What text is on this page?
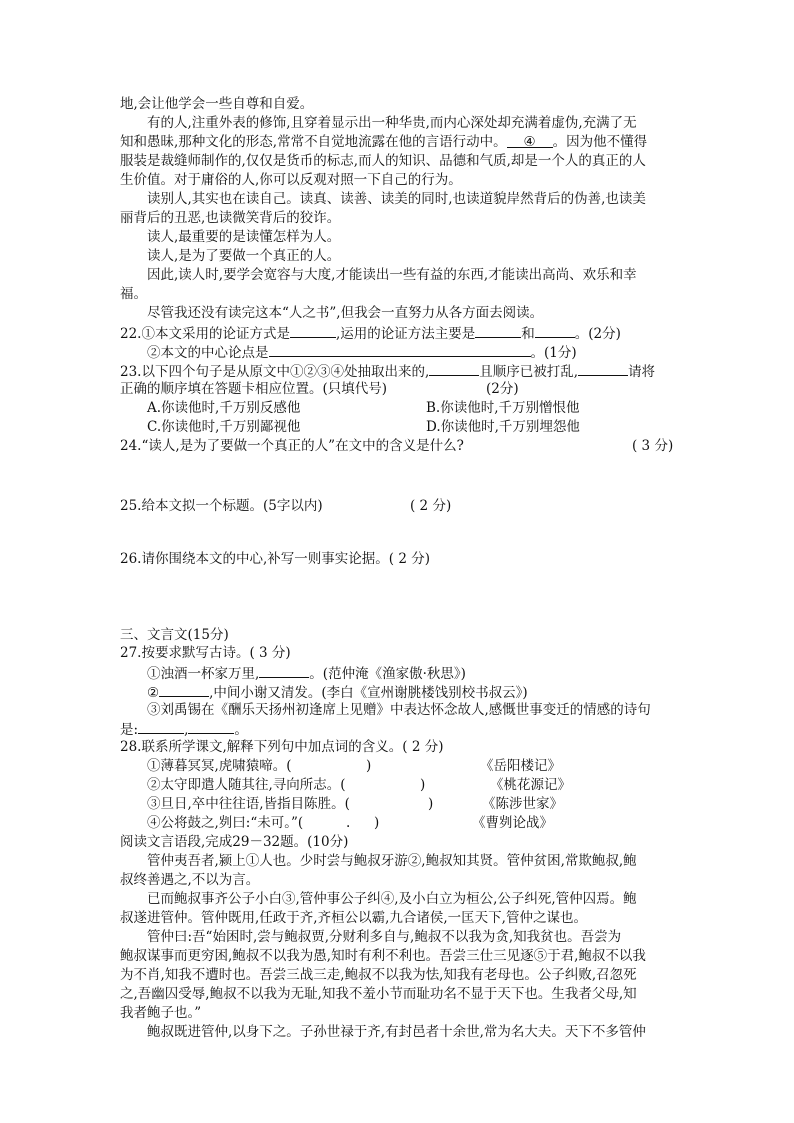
地,会让他学会一些自尊和自爱。
有的人,注重外表的修饰,且穿着显示出一种华贵,而内心深处却充满着虚伪,充满了无
知和愚昧,那种文化的形态,常常不自觉地流露在他的言语行动中。 ④ 。因为他不懂得
服装是裁缝师制作的,仅仅是货币的标志,而人的知识、品德和气质,却是一个人的真正的人
生价值。对于庸俗的人,你可以反观对照一下自己的行为。
读别人,其实也在读自己。读真、读善、读美的同时,也读道貌岸然背后的伪善,也读美
丽背后的丑恶,也读微笑背后的狡诈。
读人,最重要的是读懂怎样为人。
读人,是为了要做一个真正的人。
因此,读人时,要学会宽容与大度,才能读出一些有益的东西,才能读出高尚、欢乐和幸
福。
尽管我还没有读完这本“人之书”,但我会一直努力从各方面去阅读。
22.①本文采用的论证方式是	,运用的论证方法主要是	和	。(2分)
②本文的中心论点是	。(1分)
23.以下四个句子是从原文中①②③④处抽取出来的,	且顺序已被打乱,	请将
正确的顺序填在答题卡相应位置。(只填代号)	(2分)
A.你读他时,千万别反感他	B.你读他时,千万别憎恨他
C.你读他时,千万别鄙视他	D.你读他时,千万别埋怨他
24.“读人,是为了要做一个真正的人”在文中的含义是什么?	( 3 分)
25.给本文拟一个标题。(5字以内)	( 2 分)
26.请你围绕本文的中心,补写一则事实论据。( 2 分)
三、文言文(15分)
27.按要求默写古诗。( 3 分)
①浊酒一杯家万里,	。(范仲淹《渔家傲·秋思》)
②	,中间小谢又清发。(李白《宣州谢朓楼饯别校书叔云》)
③刘禹锡在《酬乐天扬州初逢席上见赠》中表达怀念故人,感慨世事变迁的情感的诗句
是:	,	。
28.联系所学课文,解释下列句中加点词的含义。( 2 分)
①薄暮冥冥,虎啸猿啼。(	)	《岳阳楼记》
②太守即遣人随其往,寻向所志。(	)	《桃花源记》
③旦日,卒中往往语,皆指目陈胜。(	)	《陈涉世家》
④公将鼓之,刿曰:“未可。”(	. )	《曹刿论战》
阅读文言语段,完成29－32题。(10分)
管仲夷吾者,颍上①人也。少时尝与鲍叔牙游②,鲍叔知其贤。管仲贫困,常欺鲍叔,鲍
叔终善遇之,不以为言。
已而鲍叔事齐公子小白③,管仲事公子纠④,及小白立为桓公,公子纠死,管仲囚焉。鲍
叔遂进管仲。管仲既用,任政于齐,齐桓公以霸,九合诸侯,一匡天下,管仲之谋也。
管仲曰:吾“始困时,尝与鲍叔贾,分财利多自与,鲍叔不以我为贪,知我贫也。吾尝为
鲍叔谋事而更穷困,鲍叔不以我为愚,知时有利不利也。吾尝三仕三见逐⑤于君,鲍叔不以我
为不肖,知我不遭时也。吾尝三战三走,鲍叔不以我为怯,知我有老母也。公子纠败,召忽死
之,吾幽囚受辱,鲍叔不以我为无耻,知我不羞小节而耻功名不显于天下也。生我者父母,知
我者鲍子也。”
鲍叔既进管仲,以身下之。子孙世禄于齐,有封邑者十余世,常为名大夫。天下不多管仲
